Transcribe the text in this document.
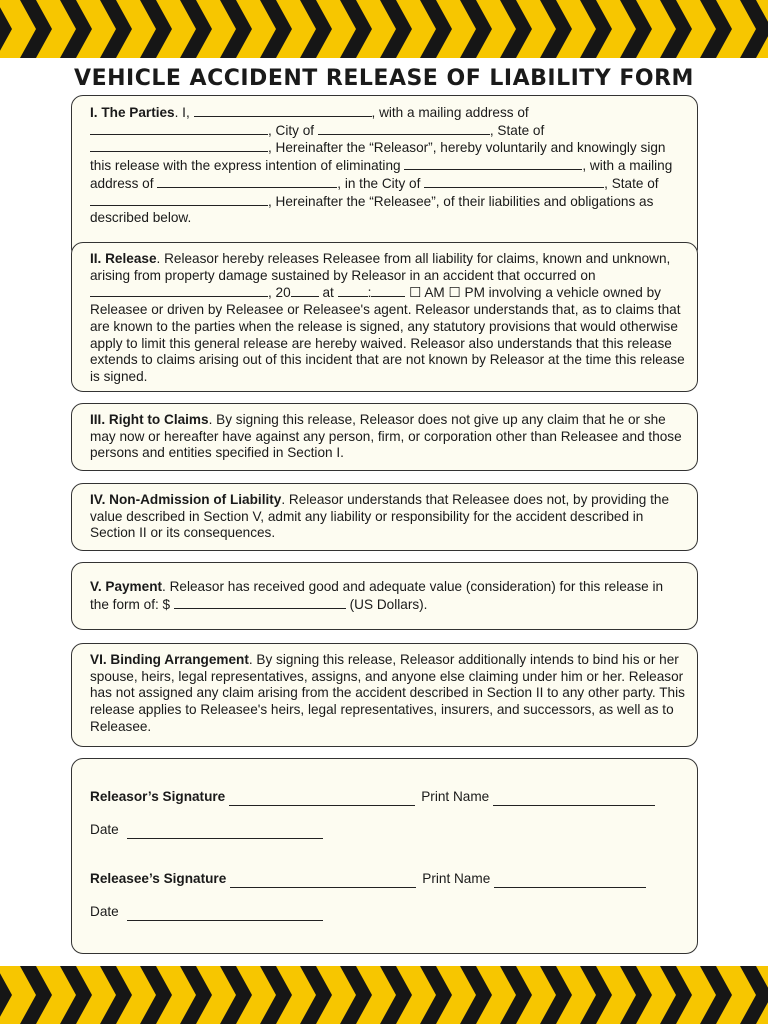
VEHICLE ACCIDENT RELEASE OF LIABILITY FORM

I. The Parties. I,	, with a mailing address of , City of	, State of , Hereinafter the “Releasor”, hereby voluntarily and knowingly sign this release with the express intention of eliminating	, with a mailing address of	, in the City of	, State of , Hereinafter the “Releasee”, of their liabilities and obligations as described below.

II. Release. Releasor hereby releases Releasee from all liability for claims, known and unknown, arising from property damage sustained by Releasor in an accident that occurred on , 20 at :	☐ AM ☐ PM involving a vehicle owned by Releasee or driven by Releasee or Releasee's agent. Releasor understands that, as to claims that are known to the parties when the release is signed, any statutory provisions that would otherwise apply to limit this general release are hereby waived. Releasor also understands that this release extends to claims arising out of this incident that are not known by Releasor at the time this release is signed.

III. Right to Claims. By signing this release, Releasor does not give up any claim that he or she may now or hereafter have against any person, firm, or corporation other than Releasee and those persons and entities specified in Section I.

IV. Non-Admission of Liability. Releasor understands that Releasee does not, by providing the value described in Section V, admit any liability or responsibility for the accident described in Section II or its consequences.

V. Payment. Releasor has received good and adequate value (consideration) for this release in the form of: $	(US Dollars).

VI. Binding Arrangement. By signing this release, Releasor additionally intends to bind his or her spouse, heirs, legal representatives, assigns, and anyone else claiming under him or her. Releasor has not assigned any claim arising from the accident described in Section II to any other party. This release applies to Releasee's heirs, legal representatives, insurers, and successors, as well as to Releasee.

Releasor’s Signature	Print Name
Date
Releasee’s Signature	Print Name
Date
